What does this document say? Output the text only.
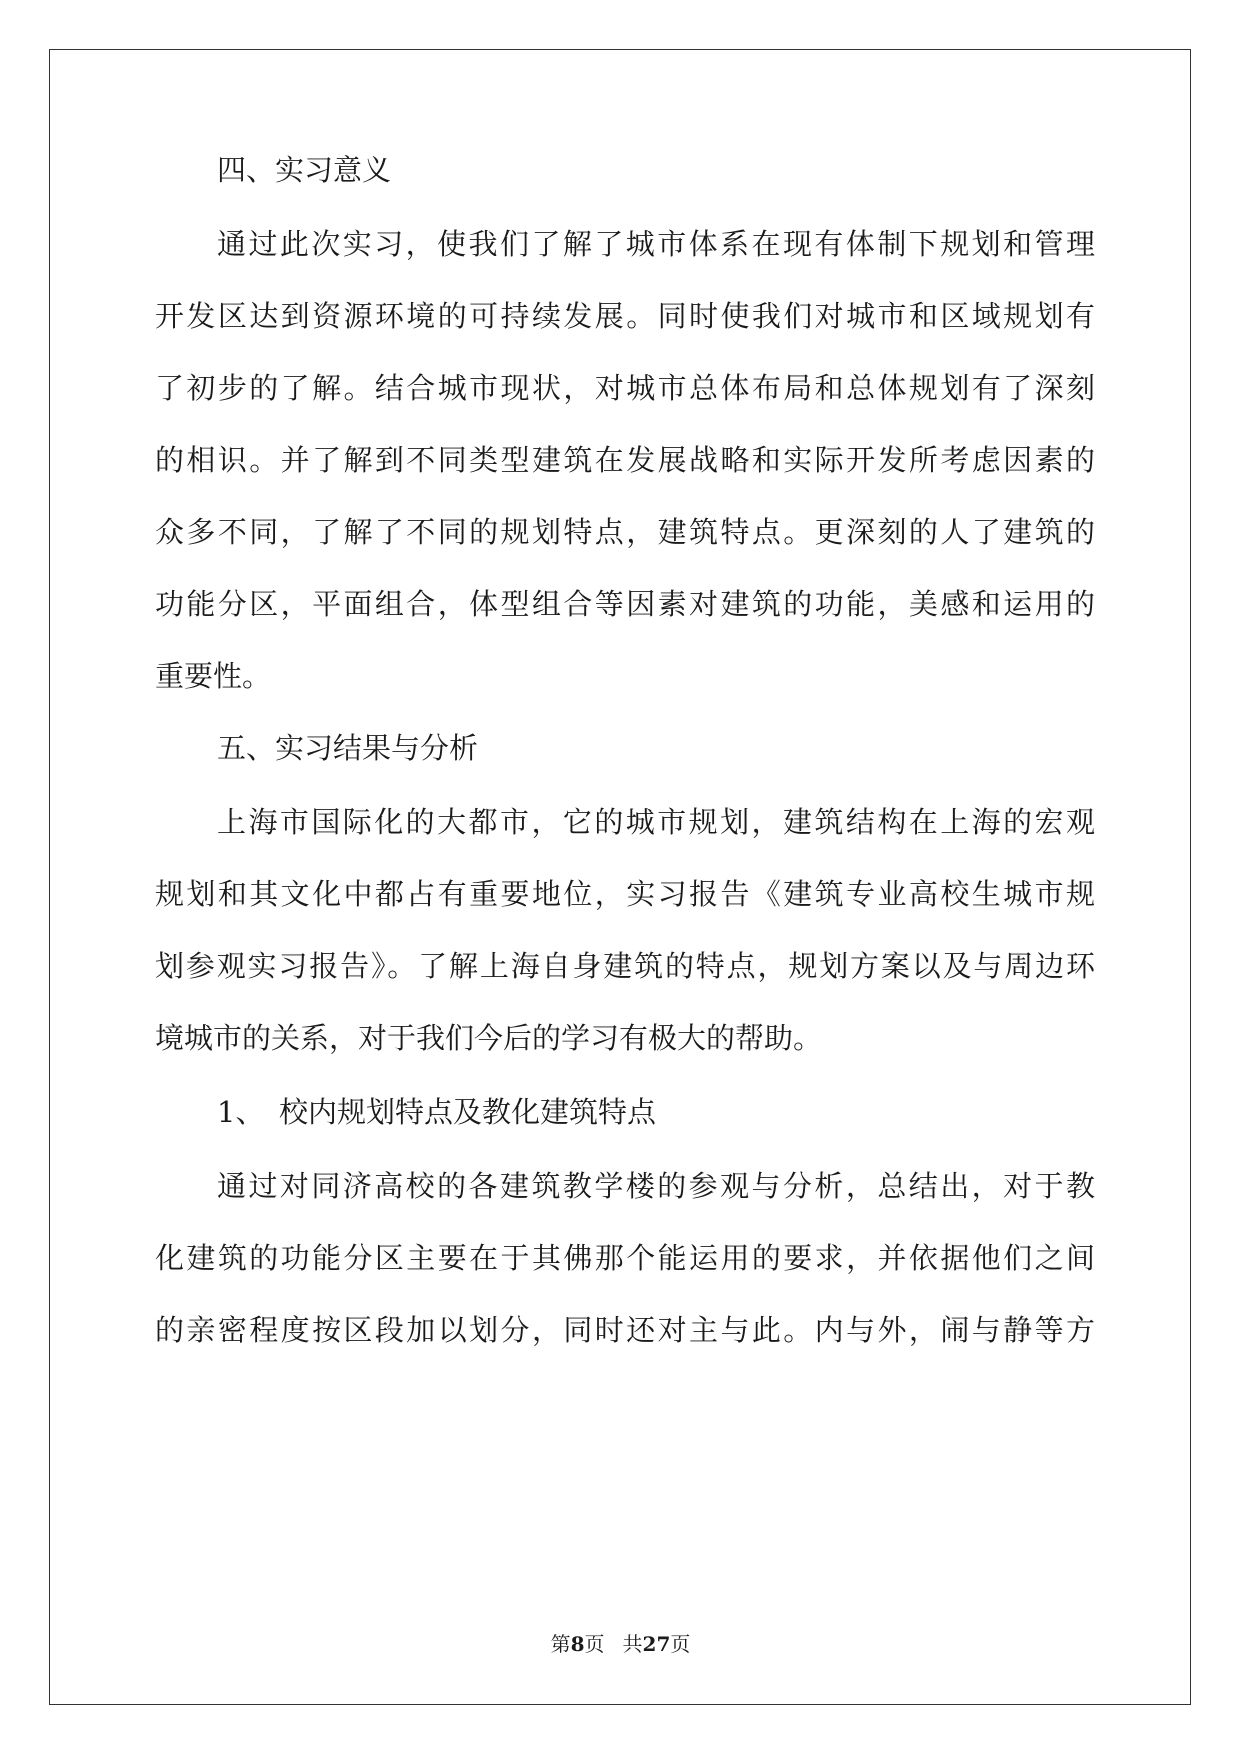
四、实习意义
通过此次实习，使我们了解了城市体系在现有体制下规划和管理
开发区达到资源环境的可持续发展。同时使我们对城市和区域规划有
了初步的了解。结合城市现状，对城市总体布局和总体规划有了深刻
的相识。并了解到不同类型建筑在发展战略和实际开发所考虑因素的
众多不同，了解了不同的规划特点，建筑特点。更深刻的人了建筑的
功能分区，平面组合，体型组合等因素对建筑的功能，美感和运用的
重要性。
五、实习结果与分析
上海市国际化的大都市，它的城市规划，建筑结构在上海的宏观
规划和其文化中都占有重要地位，实习报告《建筑专业高校生城市规
划参观实习报告》。了解上海自身建筑的特点，规划方案以及与周边环
境城市的关系，对于我们今后的学习有极大的帮助。
1、 校内规划特点及教化建筑特点
通过对同济高校的各建筑教学楼的参观与分析，总结出，对于教
化建筑的功能分区主要在于其佛那个能运用的要求，并依据他们之间
的亲密程度按区段加以划分，同时还对主与此。内与外，闹与静等方
第8页 共27页
